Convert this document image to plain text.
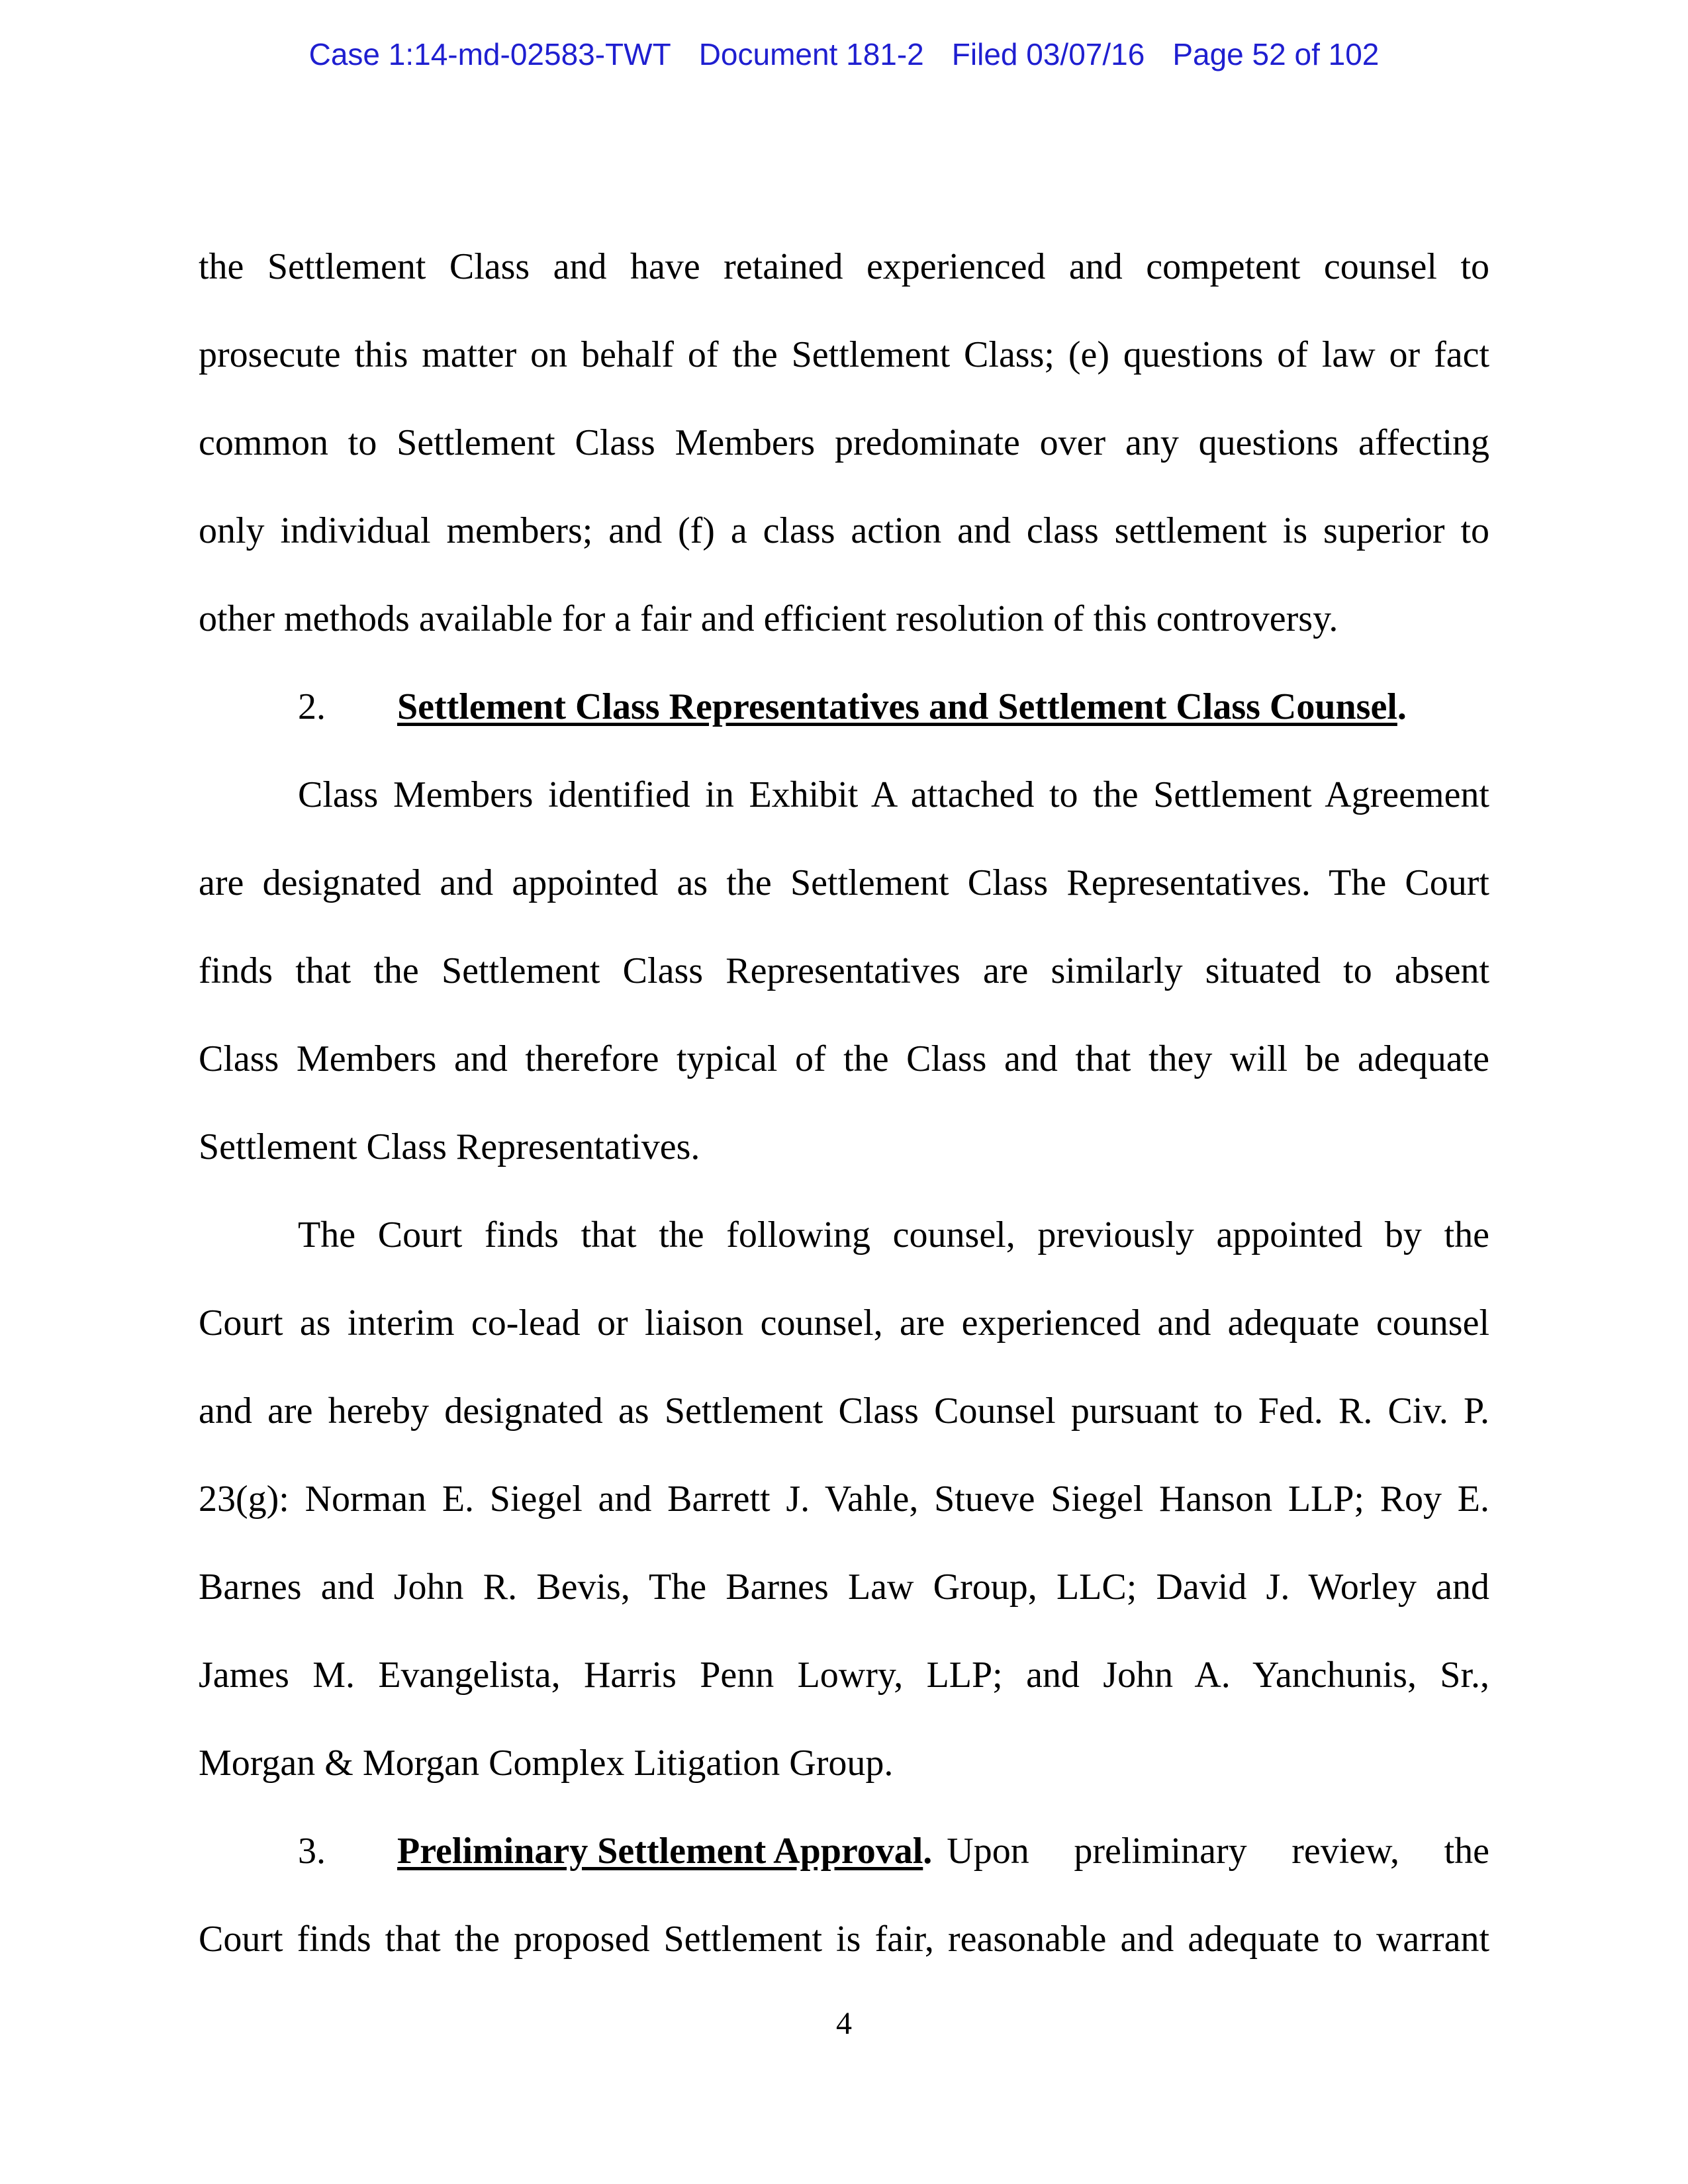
Case 1:14-md-02583-TWT Document 181-2 Filed 03/07/16 Page 52 of 102
the Settlement Class and have retained experienced and competent counsel to
prosecute this matter on behalf of the Settlement Class; (e) questions of law or fact
common to Settlement Class Members predominate over any questions affecting
only individual members; and (f) a class action and class settlement is superior to
other methods available for a fair and efficient resolution of this controversy.
2. Settlement Class Representatives and Settlement Class Counsel.
Class Members identified in Exhibit A attached to the Settlement Agreement
are designated and appointed as the Settlement Class Representatives. The Court
finds that the Settlement Class Representatives are similarly situated to absent
Class Members and therefore typical of the Class and that they will be adequate
Settlement Class Representatives.
The Court finds that the following counsel, previously appointed by the
Court as interim co-lead or liaison counsel, are experienced and adequate counsel
and are hereby designated as Settlement Class Counsel pursuant to Fed. R. Civ. P.
23(g): Norman E. Siegel and Barrett J. Vahle, Stueve Siegel Hanson LLP; Roy E.
Barnes and John R. Bevis, The Barnes Law Group, LLC; David J. Worley and
James M. Evangelista, Harris Penn Lowry, LLP; and John A. Yanchunis, Sr.,
Morgan & Morgan Complex Litigation Group.
3.	Preliminary Settlement Approval. Upon preliminary review, the
Court finds that the proposed Settlement is fair, reasonable and adequate to warrant
4
